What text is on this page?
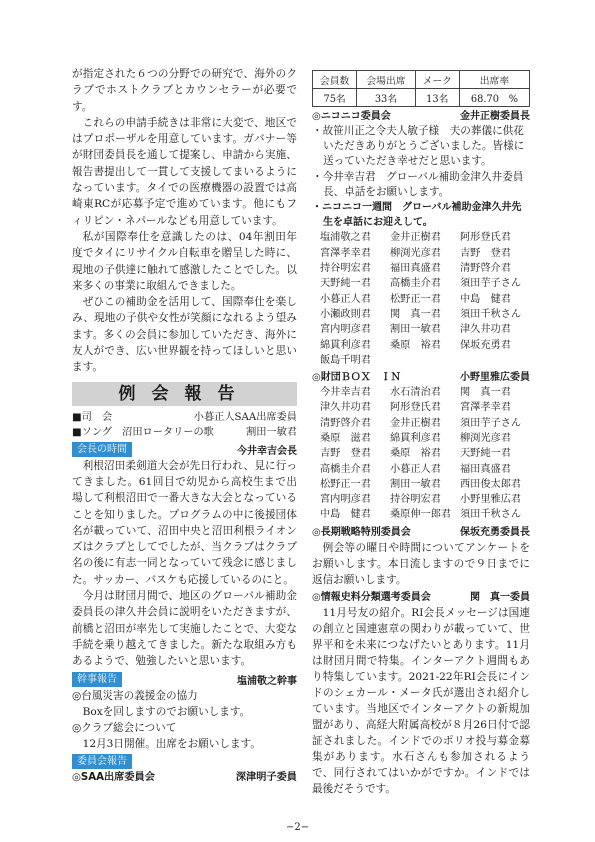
が指定された６つの分野での研究で、海外のクラブでホストクラブとカウンセラーが必要です。

これらの申請手続きは非常に大変で、地区ではプロポーザルを用意しています。ガバナー等が財団委員長を通して提案し、申請から実施、報告書提出して一貫して支援してまいるようになっています。タイでの医療機器の設置では高崎東RCが応募予定で進めています。他にもフィリピン・ネパールなども用意しています。

私が国際奉仕を意識したのは、04年割田年度でタイにリサイクル自転車を贈呈した時に、現地の子供達に触れて感激したことでした。以来多くの事業に取組んできました。

ぜひこの補助金を活用して、国際奉仕を楽しみ、現地の子供や女性が笑顔になれるよう望みます。多くの会員に参加していただき、海外に友人ができ、広い世界観を持ってほしいと思います。

例会報告
■司　会	小暮正人SAA出席委員
■ソング　沼田ロータリーの歌	割田一敏君
会長の時間	今井幸吉会長

利根沼田柔剣道大会が先日行われ、見に行ってきました。61回目で幼児から高校生まで出場して利根沼田で一番大きな大会となっていることを知りました。プログラムの中に後援団体名が載っていて、沼田中央と沼田利根ライオンズはクラブとしてでしたが、当クラブはクラブ名の後に有志一同となっていて残念に感じました。サッカー、バスケも応援しているのにと。

今月は財団月間で、地区のグローバル補助金委員長の津久井会員に説明をいただきますが、前橋と沼田が率先して実施したことで、大変な手続を乗り越えてきました。新たな取組み方もあるようで、勉強したいと思います。

幹事報告	塩浦敬之幹事

◎台風災害の義援金の協力

　Boxを回しますのでお願いします。

◎クラブ総会について

　12月3日開催。出席をお願いします。

委員会報告
◎SAA出席委員会	深津明子委員
会員数	会場出席	メーク	出席率
75名	33名	13名	68.70　%
◎ニコニコ委員会	金井正樹委員長

・故笹川正之令夫人敏子様　夫の葬儀に供花いただきありがとうございました。皆様に送っていただき幸せだと思います。

・今井幸吉君　グローバル補助金津久井委員長、卓話をお願いします。

・ニコニコ一週間　グローバル補助金津久井先生を卓話にお迎えして。

塩浦敬之君	金井正樹君	阿形登氏君
宮澤孝幸君	柳渕光彦君	吉野　登君
持谷明宏君	福田真盛君	清野啓介君
天野純一君	高橋圭介君	須田芋子さん
小暮正人君	松野正一君	中島　健君
小瀬政則君	関　真一君	須田千秋さん
宮内明彦君	割田一敏君	津久井功君
綿貫利彦君	桑原　裕君	保坂充勇君
飯島千明君
◎財団ＢＯＸ　ＩＮ	小野里雅広委員
今井幸吉君	水石清治君	関　真一君
津久井功君	阿形登氏君	宮澤孝幸君
清野啓介君	金井正樹君	須田芋子さん
桑原　滋君	綿貫利彦君	柳渕光彦君
吉野　登君	桑原　裕君	天野純一君
高橋圭介君	小暮正人君	福田真盛君
松野正一君	割田一敏君	西田俊太郎君
宮内明彦君	持谷明宏君	小野里雅広君
中島　健君	桑原伸一郎君 須田千秋さん
◎長期戦略特別委員会	保坂充勇委員長

例会等の曜日や時間についてアンケートをお願いします。本日流しますので９日までに返信お願いします。

◎情報史料分類選考委員会	関　真一委員

11月号友の紹介。RI会長メッセージは国連の創立と国連憲章の関わりが載っていて、世界平和を未来につなげたいとあります。11月は財団月間で特集。インターアクト週間もあり特集しています。2021-22年RI会長にインドのシェカール・メータ氏が選出され紹介しています。当地区でインターアクトの新規加盟があり、高経大附属高校が８月26日付で認証されました。インドでのポリオ投与募金募集があります。水石さんも参加されるようで、同行されてはいかがですか。インドでは最後だそうです。

−2−
